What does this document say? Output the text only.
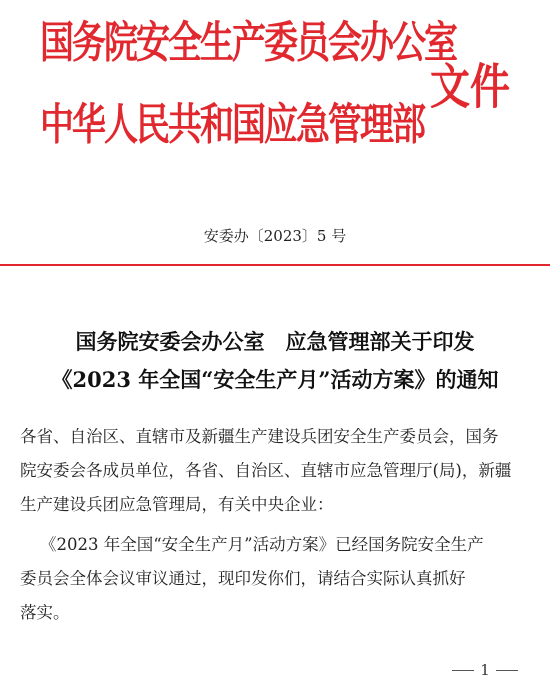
国务院安全生产委员会办公室
中华人民共和国应急管理部
文件
安委办〔2023〕5 号
国务院安委会办公室　应急管理部关于印发
《2023 年全国“安全生产月”活动方案》的通知
各省、自治区、直辖市及新疆生产建设兵团安全生产委员会，国务
院安委会各成员单位，各省、自治区、直辖市应急管理厅(局)，新疆
生产建设兵团应急管理局，有关中央企业：
《2023 年全国“安全生产月”活动方案》已经国务院安全生产
委员会全体会议审议通过，现印发你们，请结合实际认真抓好
落实。
1
